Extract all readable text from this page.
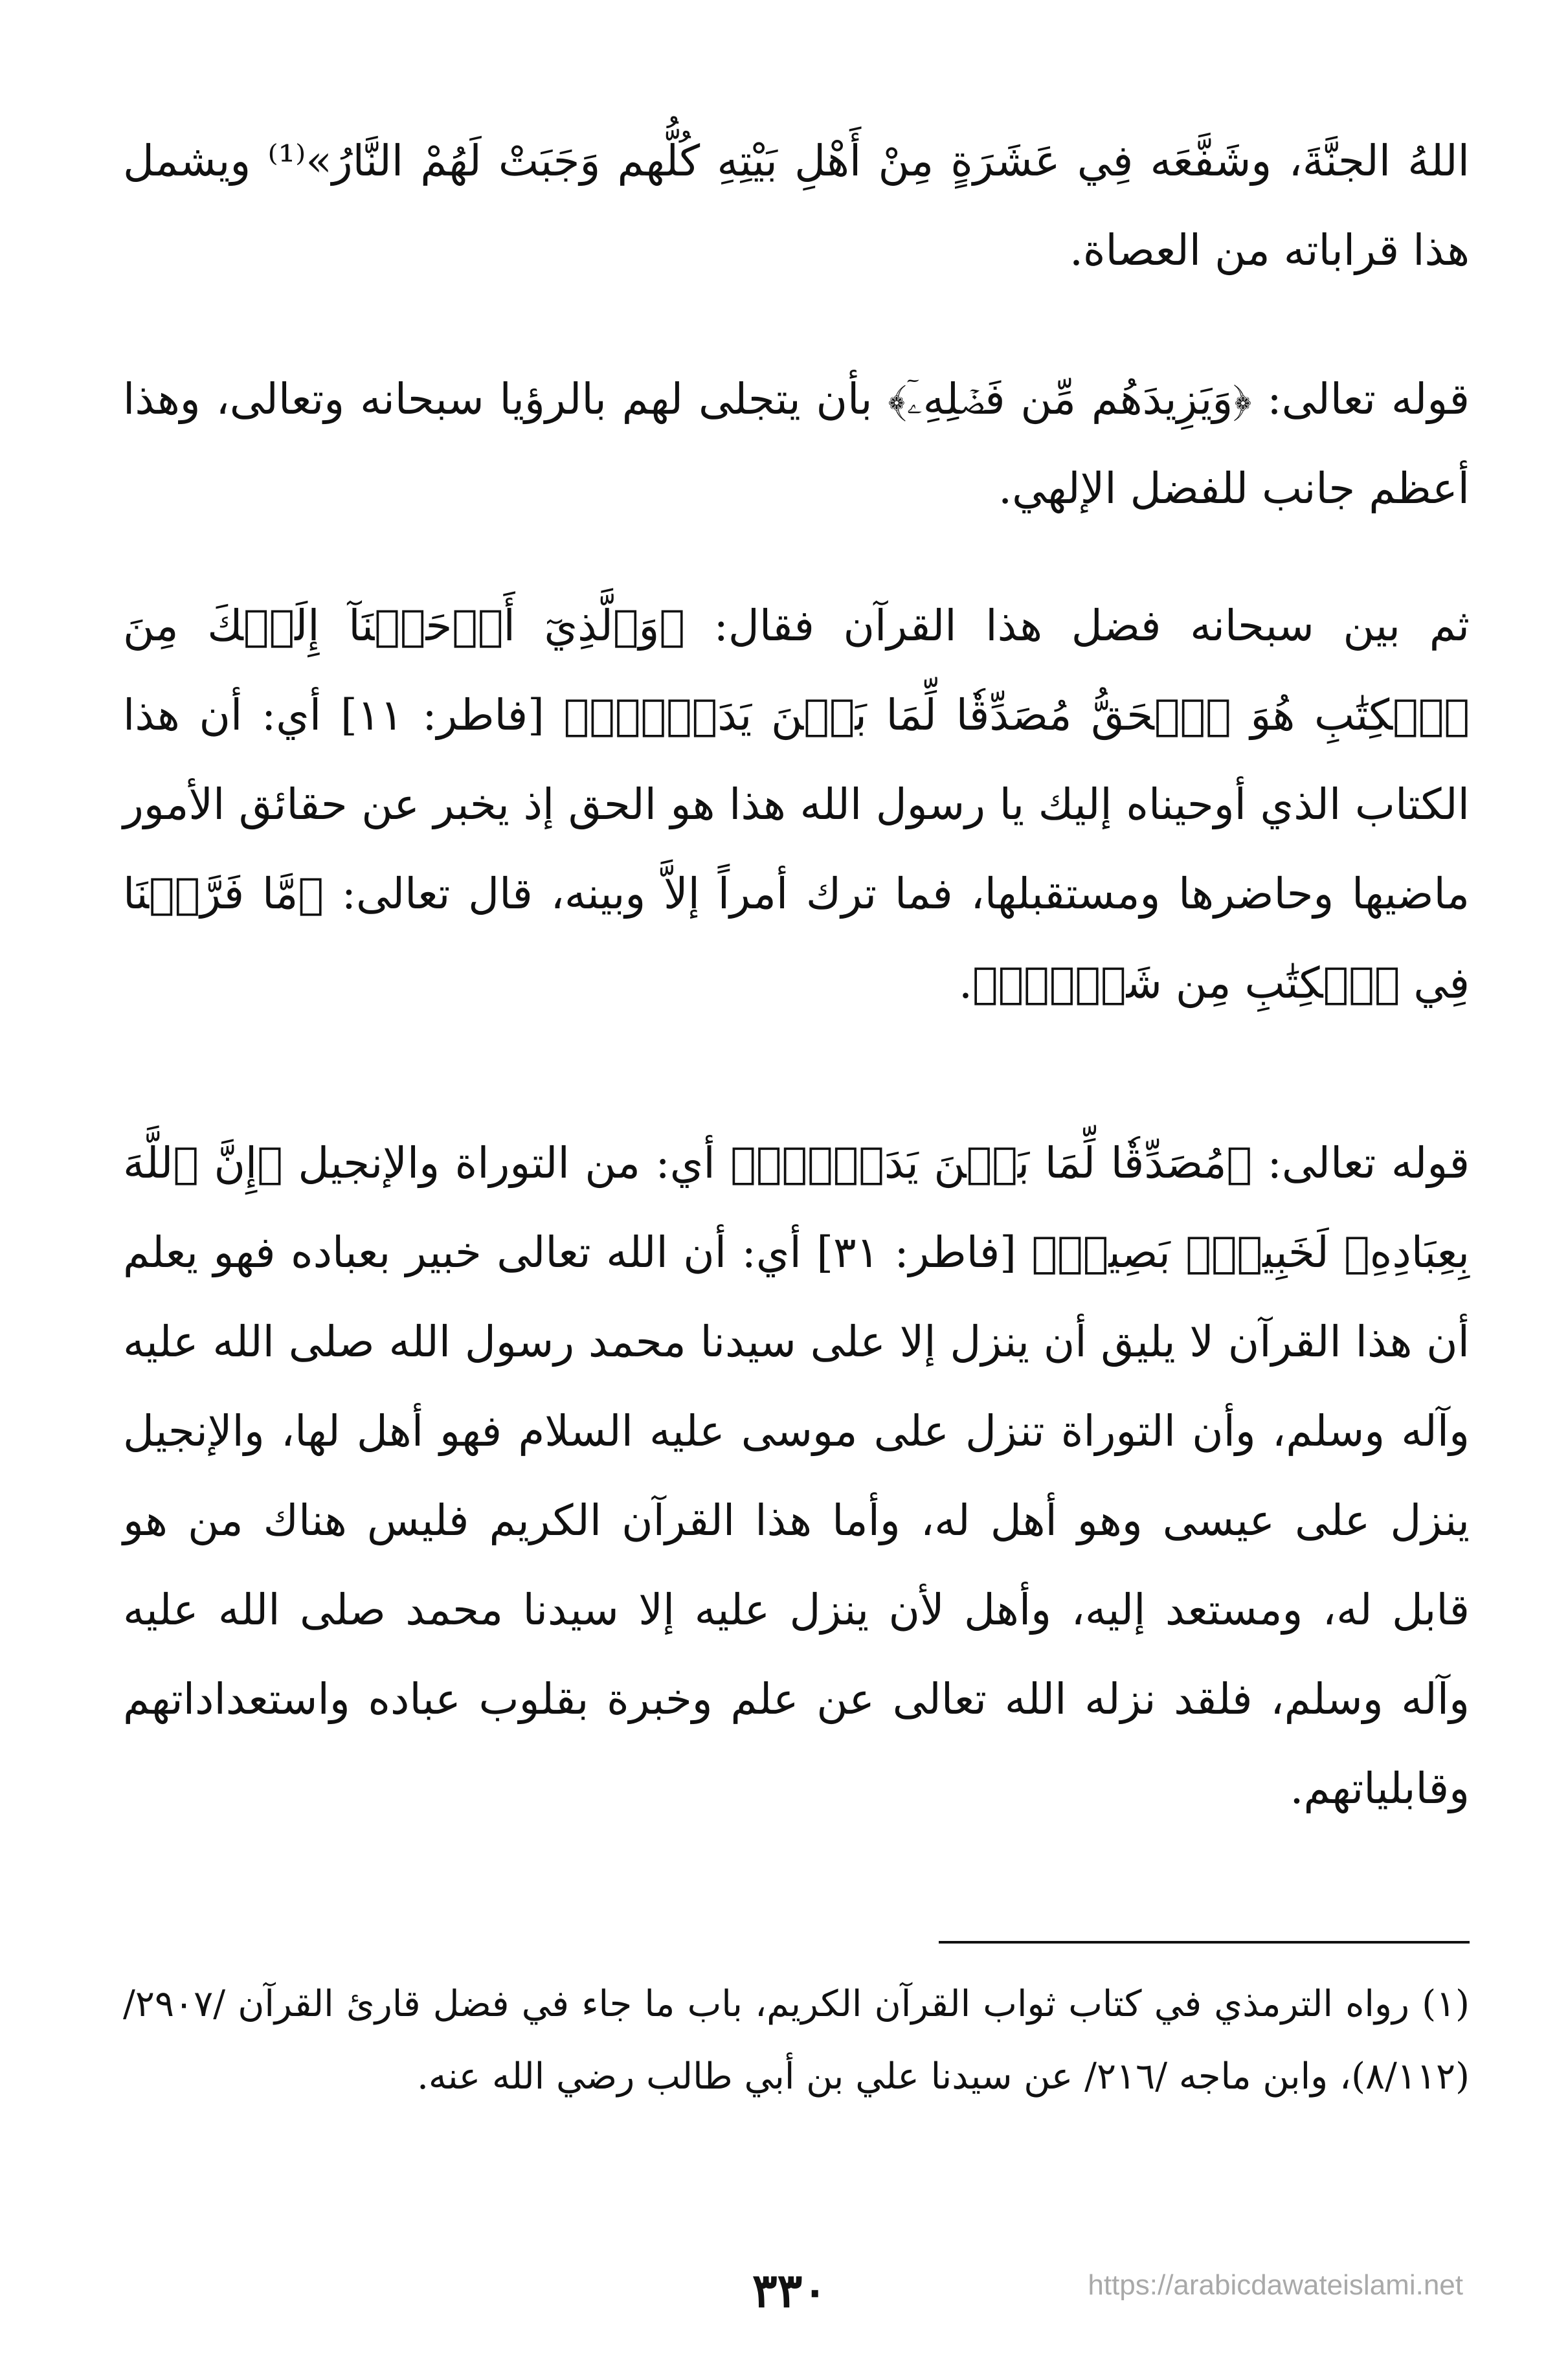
اللهُ الجنَّةَ، وشَفَّعَه فِي عَشَرَةٍ مِنْ أَهْلِ بَيْتِهِ كُلُّهم وَجَبَتْ لَهُمْ النَّارُ»⁽¹⁾ ويشمل هذا قراباته من العصاة.
قوله تعالى: ﴿وَيَزِيدَهُم مِّن فَضۡلِهِۦٓ﴾ بأن يتجلى لهم بالرؤيا سبحانه وتعالى، وهذا أعظم جانب للفضل الإلهي.
ثم بين سبحانه فضل هذا القرآن فقال: ﴿وَٱلَّذِيٓ أَوۡحَيۡنَآ إِلَيۡكَ مِنَ ٱلۡكِتَٰبِ هُوَ ٱلۡحَقُّ مُصَدِّقٗا لِّمَا بَيۡنَ يَدَيۡهِۗ﴾ [فاطر: ١١] أي: أن هذا الكتاب الذي أوحيناه إليك يا رسول الله هذا هو الحق إذ يخبر عن حقائق الأمور ماضيها وحاضرها ومستقبلها، فما ترك أمراً إلاَّ وبينه، قال تعالى: ﴿مَّا فَرَّطۡنَا فِي ٱلۡكِتَٰبِ مِن شَيۡءٖۚ﴾.
قوله تعالى: ﴿مُصَدِّقٗا لِّمَا بَيۡنَ يَدَيۡهِۗ﴾ أي: من التوراة والإنجيل ﴿إِنَّ ٱللَّهَ بِعِبَادِهِۦ لَخَبِيرُۢ بَصِيرٞ﴾ [فاطر: ٣١] أي: أن الله تعالى خبير بعباده فهو يعلم أن هذا القرآن لا يليق أن ينزل إلا على سيدنا محمد رسول الله صلى الله عليه وآله وسلم، وأن التوراة تنزل على موسى عليه السلام فهو أهل لها، والإنجيل ينزل على عيسى وهو أهل له، وأما هذا القرآن الكريم فليس هناك من هو قابل له، ومستعد إليه، وأهل لأن ينزل عليه إلا سيدنا محمد صلى الله عليه وآله وسلم، فلقد نزله الله تعالى عن علم وخبرة بقلوب عباده واستعداداتهم وقابلياتهم.
(١) رواه الترمذي في كتاب ثواب القرآن الكريم، باب ما جاء في فضل قارئ القرآن /٢٩٠٧/ (٨/١١٢)، وابن ماجه /٢١٦/ عن سيدنا علي بن أبي طالب رضي الله عنه.
٣٣٠	https://arabicdawateislami.net
